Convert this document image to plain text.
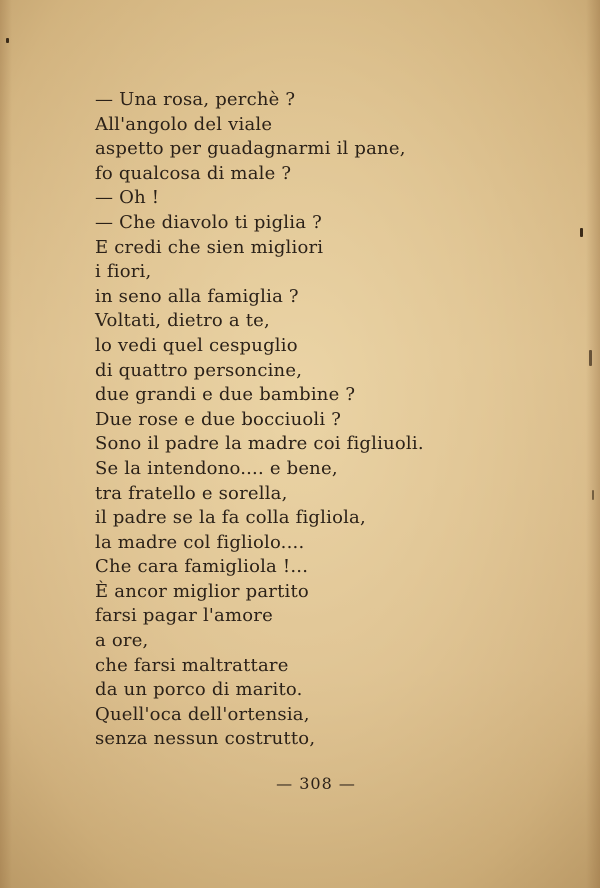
— Una rosa, perchè ?
All'angolo del viale
aspetto per guadagnarmi il pane,
fo qualcosa di male ?
— Oh !
— Che diavolo ti piglia ?
E credi che sien migliori
i fiori,
in seno alla famiglia ?
Voltati, dietro a te,
lo vedi quel cespuglio
di quattro personcine,
due grandi e due bambine ?
Due rose e due bocciuoli ?
Sono il padre la madre coi figliuoli.
Se la intendono.... e bene,
tra fratello e sorella,
il padre se la fa colla figliola,
la madre col figliolo....
Che cara famigliola !...
È ancor miglior partito
farsi pagar l'amore
a ore,
che farsi maltrattare
da un porco di marito.
Quell'oca dell'ortensia,
senza nessun costrutto,
— 308 —
